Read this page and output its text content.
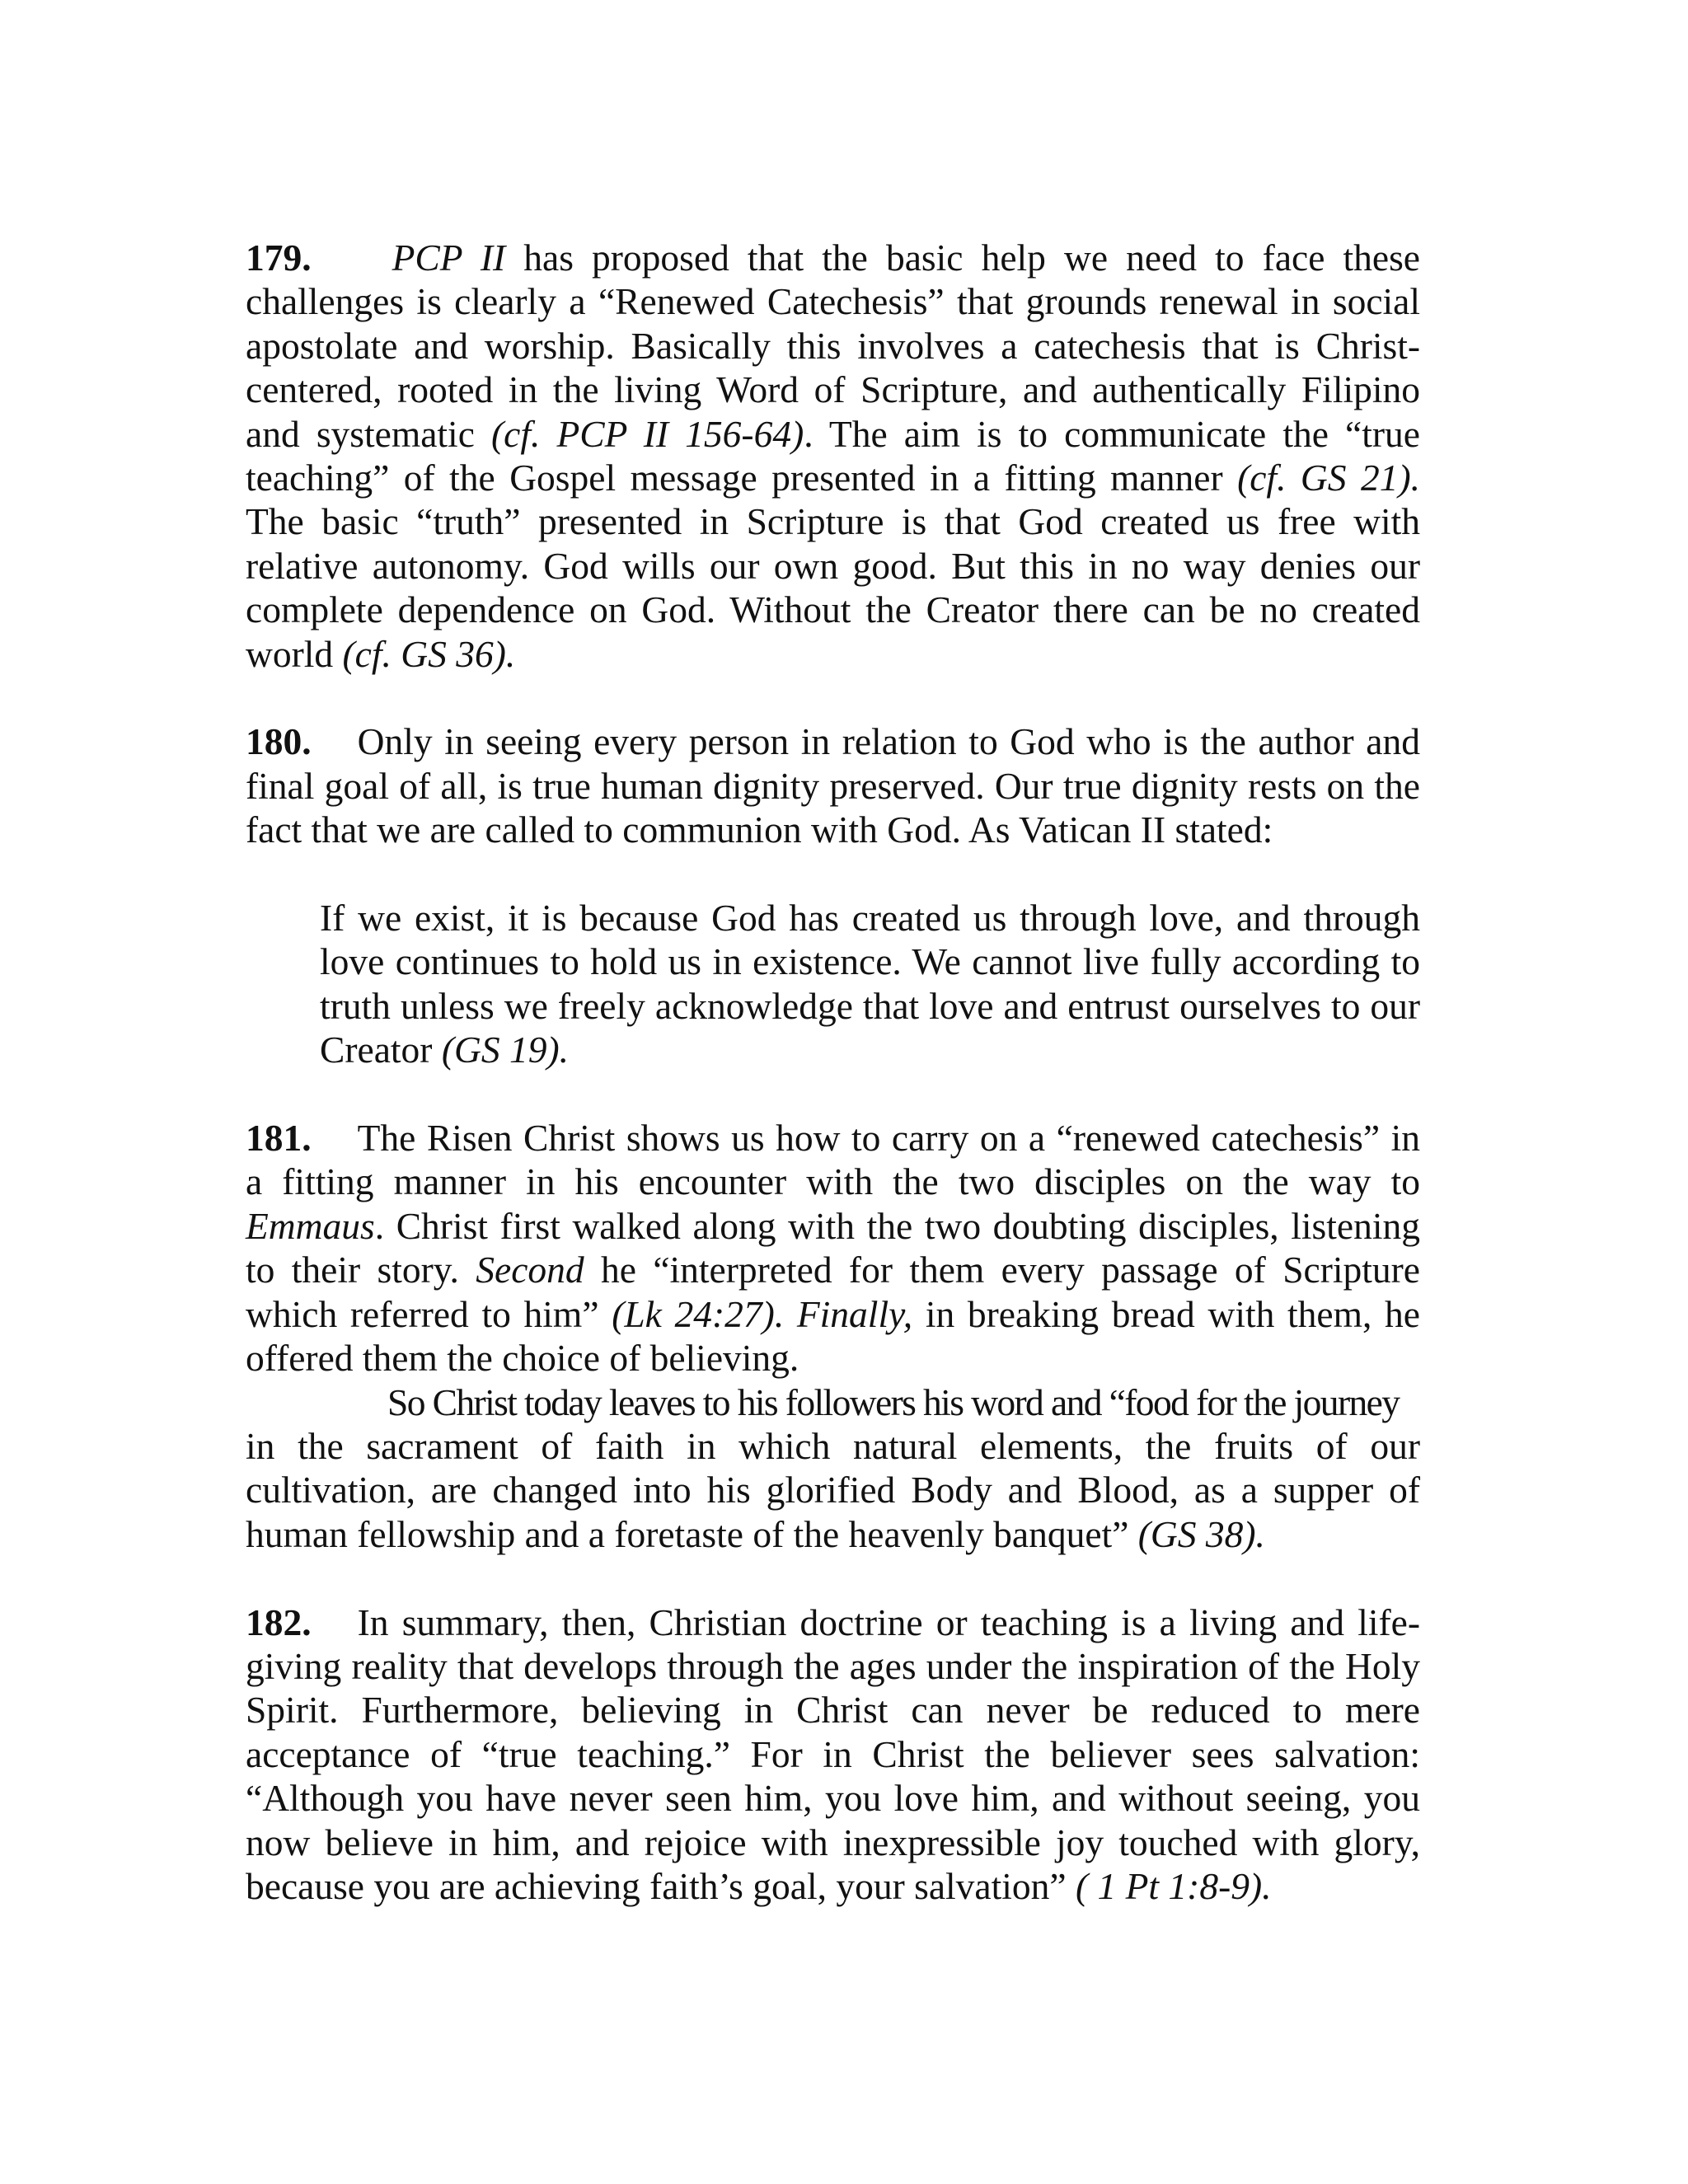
179. PCP II has proposed that the basic help we need to face these challenges is clearly a “Renewed Catechesis” that grounds renewal in social apostolate and worship. Basically this involves a catechesis that is Christ-centered, rooted in the living Word of Scripture, and authentically Filipino and systematic (cf. PCP II 156-64). The aim is to communicate the “true teaching” of the Gospel message presented in a fitting manner (cf. GS 21). The basic “truth” presented in Scripture is that God created us free with relative autonomy. God wills our own good. But this in no way denies our complete dependence on God. Without the Creator there can be no created world (cf. GS 36).

180. Only in seeing every person in relation to God who is the author and final goal of all, is true human dignity preserved. Our true dignity rests on the fact that we are called to communion with God. As Vatican II stated:

If we exist, it is because God has created us through love, and through love continues to hold us in existence. We cannot live fully according to truth unless we freely acknowledge that love and entrust ourselves to our Creator (GS 19).

181. The Risen Christ shows us how to carry on a “renewed catechesis” in a fitting manner in his encounter with the two disciples on the way to Emmaus. Christ first walked along with the two doubting disciples, listening to their story. Second he “interpreted for them every passage of Scripture which referred to him” (Lk 24:27). Finally, in breaking bread with them, he offered them the choice of believing.

So Christ today leaves to his followers his word and “food for the journey in the sacrament of faith in which natural elements, the fruits of our cultivation, are changed into his glorified Body and Blood, as a supper of human fellowship and a foretaste of the heavenly banquet” (GS 38).

182. In summary, then, Christian doctrine or teaching is a living and life-giving reality that develops through the ages under the inspiration of the Holy Spirit. Furthermore, believing in Christ can never be reduced to mere acceptance of “true teaching.” For in Christ the believer sees salvation: “Although you have never seen him, you love him, and without seeing, you now believe in him, and rejoice with inexpressible joy touched with glory, because you are achieving faith’s goal, your salvation” ( 1 Pt 1:8-9).
